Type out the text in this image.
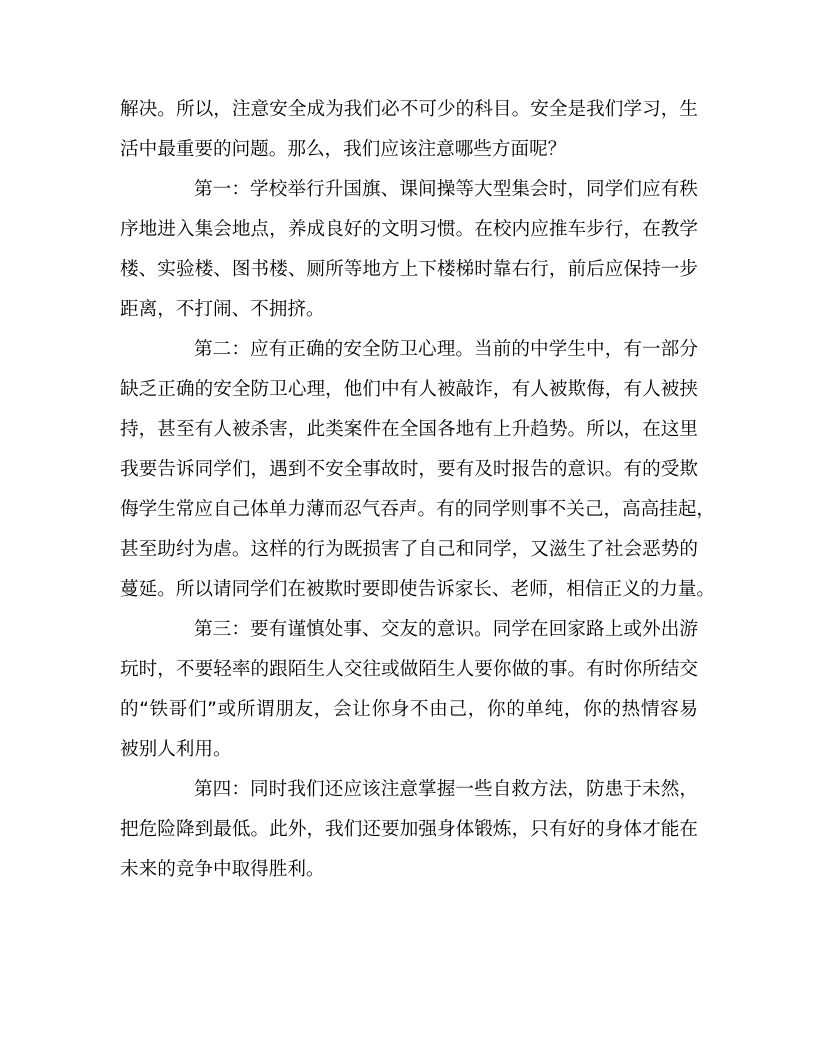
解决。所以，注意安全成为我们必不可少的科目。安全是我们学习，生
活中最重要的问题。那么，我们应该注意哪些方面呢？
第一：学校举行升国旗、课间操等大型集会时，同学们应有秩
序地进入集会地点，养成良好的文明习惯。在校内应推车步行，在教学
楼、实验楼、图书楼、厕所等地方上下楼梯时靠右行，前后应保持一步
距离，不打闹、不拥挤。
第二：应有正确的安全防卫心理。当前的中学生中，有一部分
缺乏正确的安全防卫心理，他们中有人被敲诈，有人被欺侮，有人被挟
持，甚至有人被杀害，此类案件在全国各地有上升趋势。所以，在这里
我要告诉同学们，遇到不安全事故时，要有及时报告的意识。有的受欺
侮学生常应自己体单力薄而忍气吞声。有的同学则事不关己，高高挂起，
甚至助纣为虐。这样的行为既损害了自己和同学，又滋生了社会恶势的
蔓延。所以请同学们在被欺时要即使告诉家长、老师，相信正义的力量。
第三：要有谨慎处事、交友的意识。同学在回家路上或外出游
玩时，不要轻率的跟陌生人交往或做陌生人要你做的事。有时你所结交
的“铁哥们”或所谓朋友，会让你身不由己，你的单纯，你的热情容易
被别人利用。
第四：同时我们还应该注意掌握一些自救方法，防患于未然，
把危险降到最低。此外，我们还要加强身体锻炼，只有好的身体才能在
未来的竞争中取得胜利。
